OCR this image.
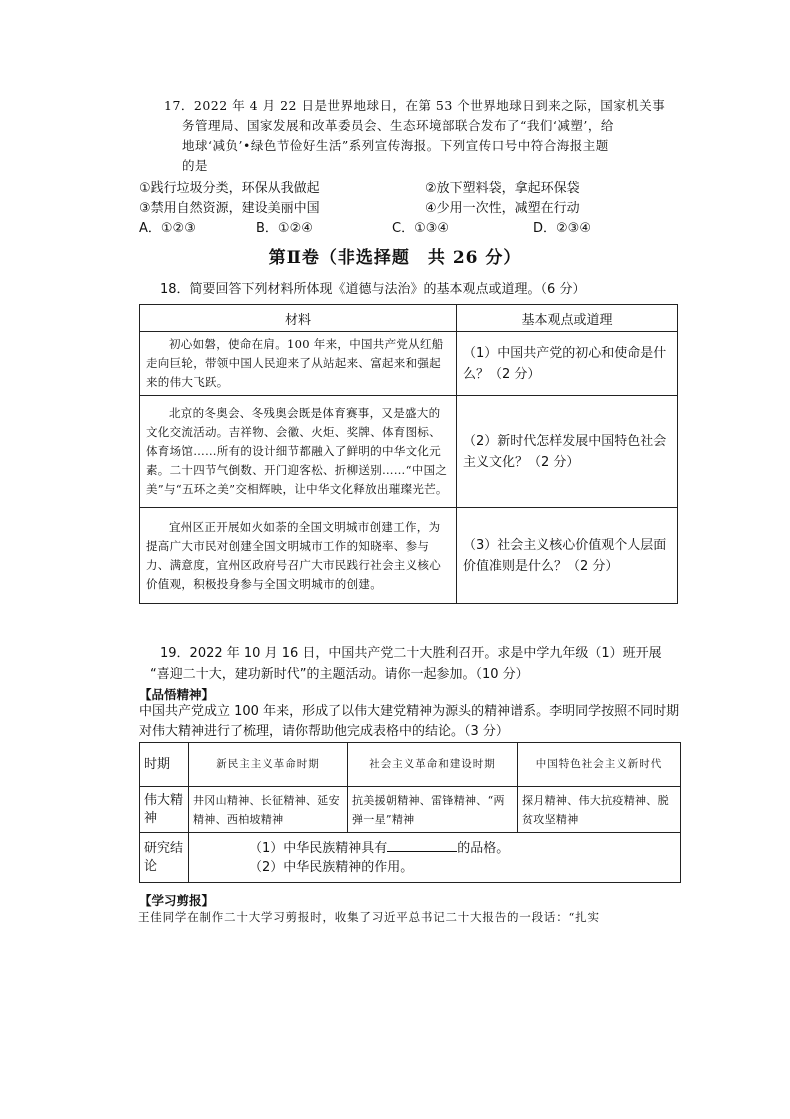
17．2022 年 4 月 22 日是世界地球日，在第 53 个世界地球日到来之际，国家机关事
务管理局、国家发展和改革委员会、生态环境部联合发布了“我们‘减塑’，给
地球‘减负’•绿色节俭好生活”系列宣传海报。下列宣传口号中符合海报主题
的是
①践行垃圾分类，环保从我做起	②放下塑料袋，拿起环保袋
③禁用自然资源，建设美丽中国	④少用一次性，减塑在行动
A．①②③	B．①②④	C．①③④	D．②③④
第Ⅱ卷（非选择题　共 26 分）
18．简要回答下列材料所体现《道德与法治》的基本观点或道理。（6 分）
材料	基本观点或道理

初心如磐，使命在肩。100 年来，中国共产党从红船走向巨轮，带领中国人民迎来了从站起来、富起来和强起来的伟大飞跃。	（1）中国共产党的初心和使命是什么？（2 分）

北京的冬奥会、冬残奥会既是体育赛事，又是盛大的文化交流活动。吉祥物、会徽、火炬、奖牌、体育图标、体育场馆……所有的设计细节都融入了鲜明的中华文化元素。二十四节气倒数、开门迎客松、折柳送别……“中国之美”与“五环之美”交相辉映，让中华文化释放出璀璨光芒。	（2）新时代怎样发展中国特色社会主义文化？（2 分）

宜州区正开展如火如荼的全国文明城市创建工作，为提高广大市民对创建全国文明城市工作的知晓率、参与力、满意度，宜州区政府号召广大市民践行社会主义核心价值观，积极投身参与全国文明城市的创建。	（3）社会主义核心价值观个人层面价值准则是什么？（2 分）
19．2022 年 10 月 16 日，中国共产党二十大胜利召开。求是中学九年级（1）班开展
“喜迎二十大，建功新时代”的主题活动。请你一起参加。（10 分）
【品悟精神】
中国共产党成立 100 年来，形成了以伟大建党精神为源头的精神谱系。李明同学按照不同时期对伟大精神进行了梳理，请你帮助他完成表格中的结论。（3 分）
时期	新民主主义革命时期	社会主义革命和建设时期	中国特色社会主义新时代
伟大精神	井冈山精神、长征精神、延安精神、西柏坡精神	抗美援朝精神、雷锋精神、“两弹一星”精神	探月精神、伟大抗疫精神、脱贫攻坚精神
研究结论	（1）中华民族精神具有 的品格。
（2）中华民族精神的作用。		
【学习剪报】
王佳同学在制作二十大学习剪报时，收集了习近平总书记二十大报告的一段话：“扎实
